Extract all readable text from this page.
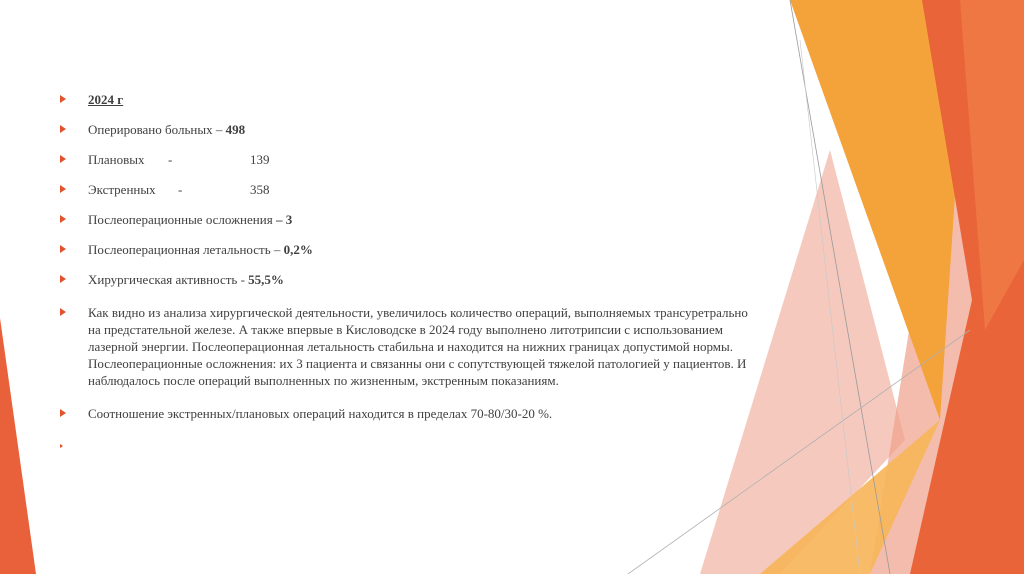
2024 г
Оперировано больных – 498
Плановых -	139
Экстренных -	358
Послеоперационные осложнения – 3
Послеоперационная летальность – 0,2%
Хирургическая активность - 55,5%
Как видно из анализа хирургической деятельности, увеличилось количество операций, выполняемых трансуретрально на предстательной железе. А также впервые в Кисловодске в 2024 году выполнено литотрипсии с использованием лазерной энергии. Послеоперационная летальность стабильна и находится на нижних границах допустимой нормы. Послеоперационные осложнения: их 3 пациента и связанны они с сопутствующей тяжелой патологией у пациентов. И наблюдалось после операций выполненных по жизненным, экстренным показаниям.
Соотношение экстренных/плановых операций находится в пределах 70-80/30-20 %.
